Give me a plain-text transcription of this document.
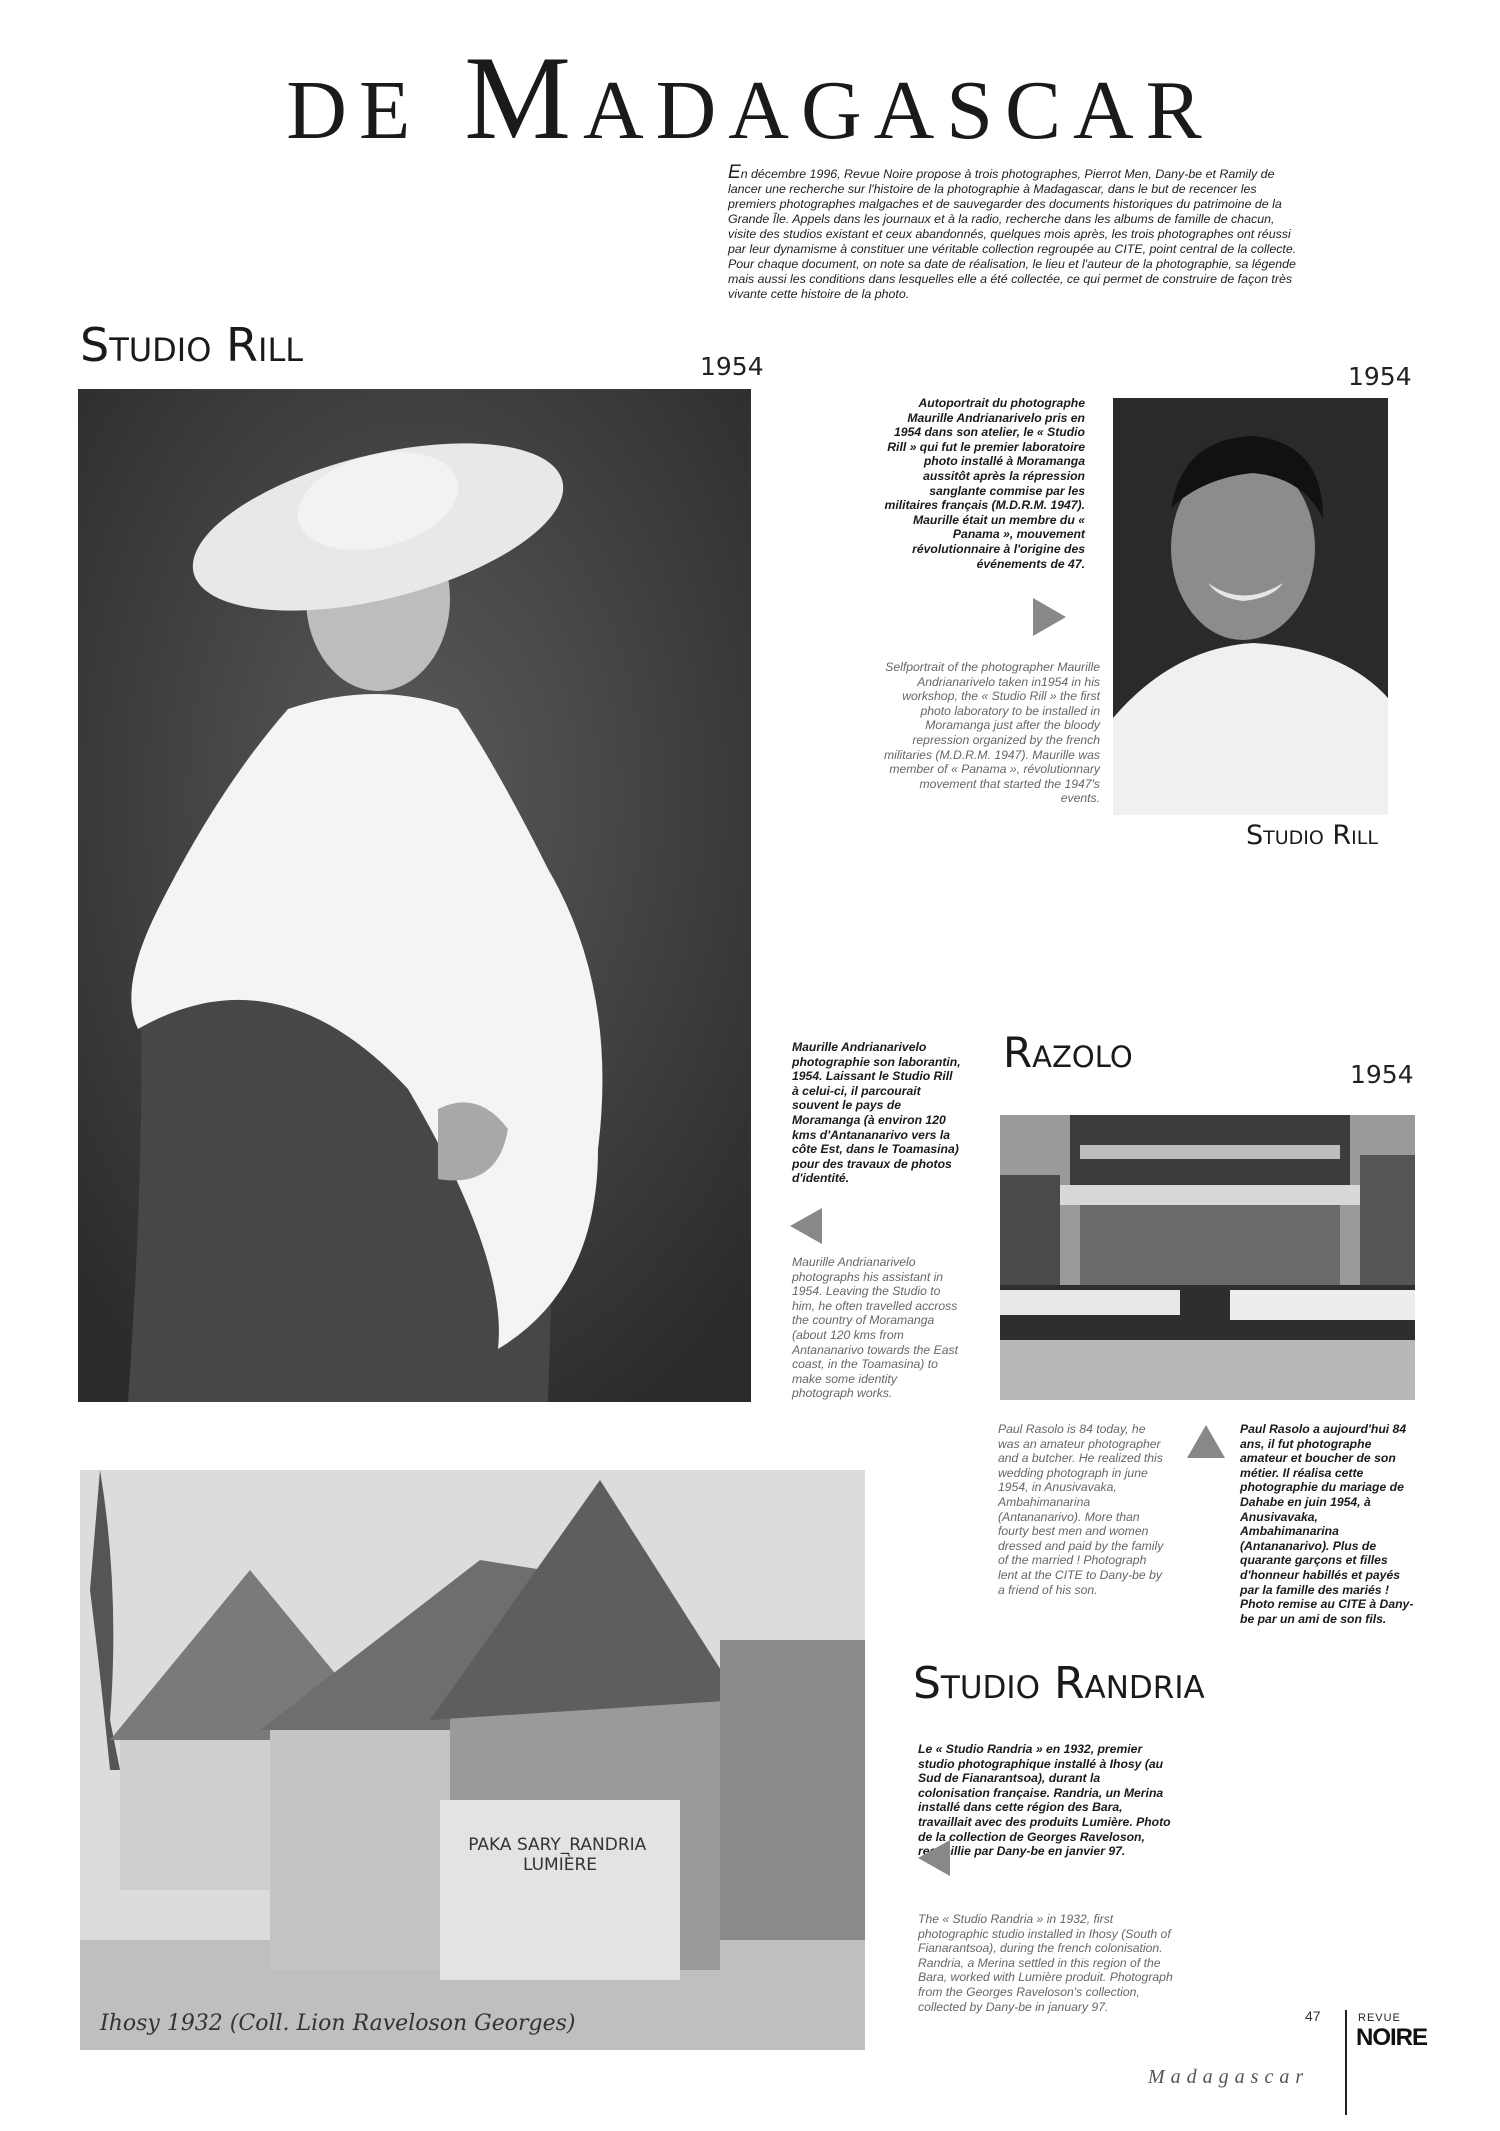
de Madagascar

En décembre 1996, Revue Noire propose à trois photographes, Pierrot Men, Dany-be et Ramily de lancer une recherche sur l'histoire de la photographie à Madagascar, dans le but de recencer les premiers photographes malgaches et de sauvegarder des documents historiques du patrimoine de la Grande Île. Appels dans les journaux et à la radio, recherche dans les albums de famille de chacun, visite des studios existant et ceux abandonnés, quelques mois après, les trois photographes ont réussi par leur dynamisme à constituer une véritable collection regroupée au CITE, point central de la collecte.

Pour chaque document, on note sa date de réalisation, le lieu et l'auteur de la photographie, sa légende mais aussi les conditions dans lesquelles elle a été collectée, ce qui permet de construire de façon très vivante cette histoire de la photo.

Studio Rill	1954
Autoportrait du photographe Maurille Andrianarivelo pris en 1954 dans son atelier, le « Studio Rill » qui fut le premier laboratoire photo installé à Moramanga aussitôt après la répression sanglante commise par les militaires français (M.D.R.M. 1947). Maurille était un membre du « Panama », mouvement révolutionnaire à l'origine des événements de 47.
Selfportrait of the photographer Maurille Andrianarivelo taken in1954 in his workshop, the « Studio Rill » the first photo laboratory to be installed in Moramanga just after the bloody repression organized by the french militaries (M.D.R.M. 1947). Maurille was member of « Panama », révolutionnary movement that started the 1947's events.
1954
Studio Rill
Maurille Andrianarivelo photographie son laborantin, 1954. Laissant le Studio Rill à celui-ci, il parcourait souvent le pays de Moramanga (à environ 120 kms d'Antananarivo vers la côte Est, dans le Toamasina) pour des travaux de photos d'identité.
Maurille Andrianarivelo photographs his assistant in 1954. Leaving the Studio to him, he often travelled accross the country of Moramanga (about 120 kms from Antananarivo towards the East coast, in the Toamasina) to make some identity photograph works.
Razolo	1954
Paul Rasolo is 84 today, he was an amateur photographer and a butcher. He realized this wedding photograph in june 1954, in Anusivavaka, Ambahimanarina (Antananarivo). More than fourty best men and women dressed and paid by the family of the married ! Photograph lent at the CITE to Dany-be by a friend of his son.
Paul Rasolo a aujourd'hui 84 ans, il fut photographe amateur et boucher de son métier. Il réalisa cette photographie du mariage de Dahabe en juin 1954, à Anusivavaka, Ambahimanarina (Antananarivo). Plus de quarante garçons et filles d'honneur habillés et payés par la famille des mariés ! Photo remise au CITE à Dany-be par un ami de son fils.
PAKA SARY_RANDRIA LUMIÈRE
Ihosy 1932 (Coll. Lion Raveloson Georges)
Studio Randria
Le « Studio Randria » en 1932, premier studio photographique installé à Ihosy (au Sud de Fianarantsoa), durant la colonisation française. Randria, un Merina installé dans cette région des Bara, travaillait avec des produits Lumière. Photo de la collection de Georges Raveloson, recueillie par Dany-be en janvier 97.
The « Studio Randria » in 1932, first photographic studio installed in Ihosy (South of Fianarantsoa), during the french colonisation. Randria, a Merina settled in this region of the Bara, worked with Lumière produit. Photograph from the Georges Raveloson's collection, collected by Dany-be in january 97.
47
Madagascar
REVUE
NOIRE
